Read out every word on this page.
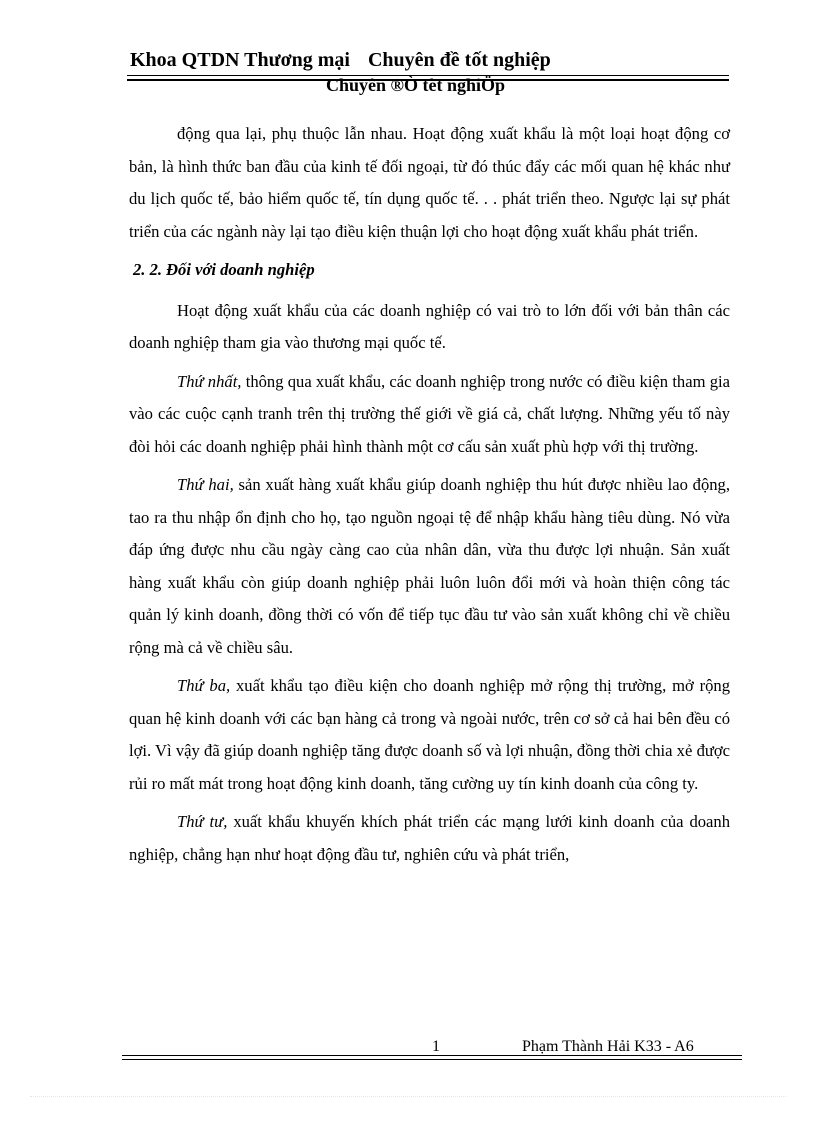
Khoa QTDN Thương mại Chuyên đề tốt nghiệp
Chuyên ®Ò tèt nghiÖp

động qua lại, phụ thuộc lẫn nhau. Hoạt động xuất khẩu là một loại hoạt động cơ bản, là hình thức ban đầu của kinh tế đối ngoại, từ đó thúc đẩy các mối quan hệ khác như du lịch quốc tế, bảo hiểm quốc tế, tín dụng quốc tế. . . phát triển theo. Ngược lại sự phát triển của các ngành này lại tạo điều kiện thuận lợi cho hoạt động xuất khẩu phát triển.

2. 2. Đối với doanh nghiệp

Hoạt động xuất khẩu của các doanh nghiệp có vai trò to lớn đối với bản thân các doanh nghiệp tham gia vào thương mại quốc tế.

Thứ nhất, thông qua xuất khẩu, các doanh nghiệp trong nước có điều kiện tham gia vào các cuộc cạnh tranh trên thị trường thế giới về giá cả, chất lượng. Những yếu tố này đòi hỏi các doanh nghiệp phải hình thành một cơ cấu sản xuất phù hợp với thị trường.

Thứ hai, sản xuất hàng xuất khẩu giúp doanh nghiệp thu hút được nhiều lao động, tao ra thu nhập ổn định cho họ, tạo nguồn ngoại tệ để nhập khẩu hàng tiêu dùng. Nó vừa đáp ứng được nhu cầu ngày càng cao của nhân dân, vừa thu được lợi nhuận. Sản xuất hàng xuất khẩu còn giúp doanh nghiệp phải luôn luôn đổi mới và hoàn thiện công tác quản lý kinh doanh, đồng thời có vốn để tiếp tục đầu tư vào sản xuất không chỉ về chiều rộng mà cả về chiều sâu.

Thứ ba, xuất khẩu tạo điều kiện cho doanh nghiệp mở rộng thị trường, mở rộng quan hệ kinh doanh với các bạn hàng cả trong và ngoài nước, trên cơ sở cả hai bên đều có lợi. Vì vậy đã giúp doanh nghiệp tăng được doanh số và lợi nhuận, đồng thời chia xẻ được rủi ro mất mát trong hoạt động kinh doanh, tăng cường uy tín kinh doanh của công ty.

Thứ tư, xuất khẩu khuyến khích phát triển các mạng lưới kinh doanh của doanh nghiệp, chẳng hạn như hoạt động đầu tư, nghiên cứu và phát triển,

1	Phạm Thành Hải K33 - A6
